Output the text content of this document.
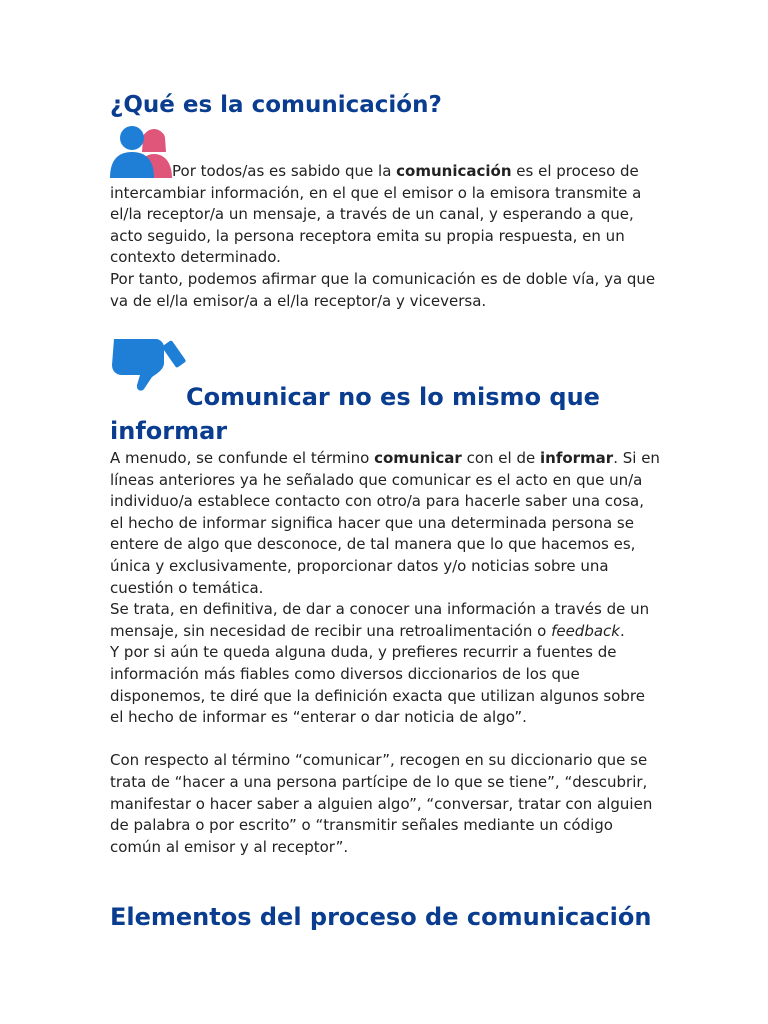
¿Qué es la comunicación?

Por todos/as es sabido que la comunicación es el proceso de intercambiar información, en el que el emisor o la emisora transmite a el/la receptor/a un mensaje, a través de un canal, y esperando a que, acto seguido, la persona receptora emita su propia respuesta, en un contexto determinado.

Por tanto, podemos afirmar que la comunicación es de doble vía, ya que va de el/la emisor/a a el/la receptor/a y viceversa.

Comunicar no es lo mismo que informar

A menudo, se confunde el término comunicar con el de informar. Si en líneas anteriores ya he señalado que comunicar es el acto en que un/a individuo/a establece contacto con otro/a para hacerle saber una cosa, el hecho de informar significa hacer que una determinada persona se entere de algo que desconoce, de tal manera que lo que hacemos es, única y exclusivamente, proporcionar datos y/o noticias sobre una cuestión o temática.

Se trata, en definitiva, de dar a conocer una información a través de un mensaje, sin necesidad de recibir una retroalimentación o feedback.

Y por si aún te queda alguna duda, y prefieres recurrir a fuentes de información más fiables como diversos diccionarios de los que disponemos, te diré que la definición exacta que utilizan algunos sobre el hecho de informar es “enterar o dar noticia de algo”.

Con respecto al término “comunicar”, recogen en su diccionario que se trata de “hacer a una persona partícipe de lo que se tiene”, “descubrir, manifestar o hacer saber a alguien algo”, “conversar, tratar con alguien de palabra o por escrito” o “transmitir señales mediante un código común al emisor y al receptor”.

Elementos del proceso de comunicación
